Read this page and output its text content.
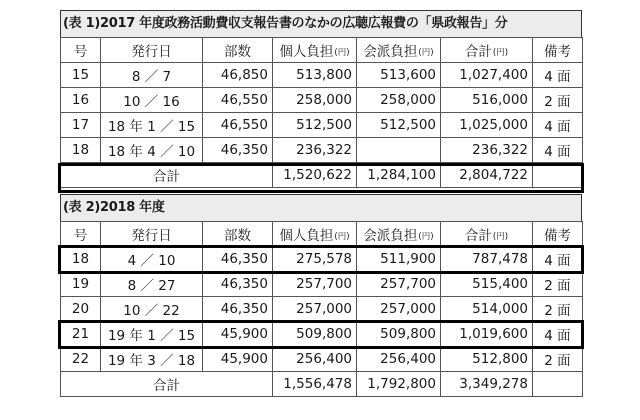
(表 1)2017 年度政務活動費収支報告書のなかの広聴広報費の「県政報告」分
号	発行日	部数	個人負担(円)	会派負担(円)	合計(円)	備考
15	8 ／ 7	46,850	513,800	513,600	1,027,400	4 面
16	10 ／ 16	46,550	258,000	258,000	516,000	2 面
17	18 年 1 ／ 15	46,550	512,500	512,500	1,025,000	4 面
18	18 年 4 ／ 10	46,350	236,322		236,322	4 面
合計			1,520,622	1,284,100	2,804,722	
(表 2)2018 年度
号	発行日	部数	個人負担(円)	会派負担(円)	合計(円)	備考
18	4 ／ 10	46,350	275,578	511,900	787,478	4 面
19	8 ／ 27	46,350	257,700	257,700	515,400	2 面
20	10 ／ 22	46,350	257,000	257,000	514,000	2 面
21	19 年 1 ／ 15	45,900	509,800	509,800	1,019,600	4 面
22	19 年 3 ／ 18	45,900	256,400	256,400	512,800	2 面
合計			1,556,478	1,792,800	3,349,278	
